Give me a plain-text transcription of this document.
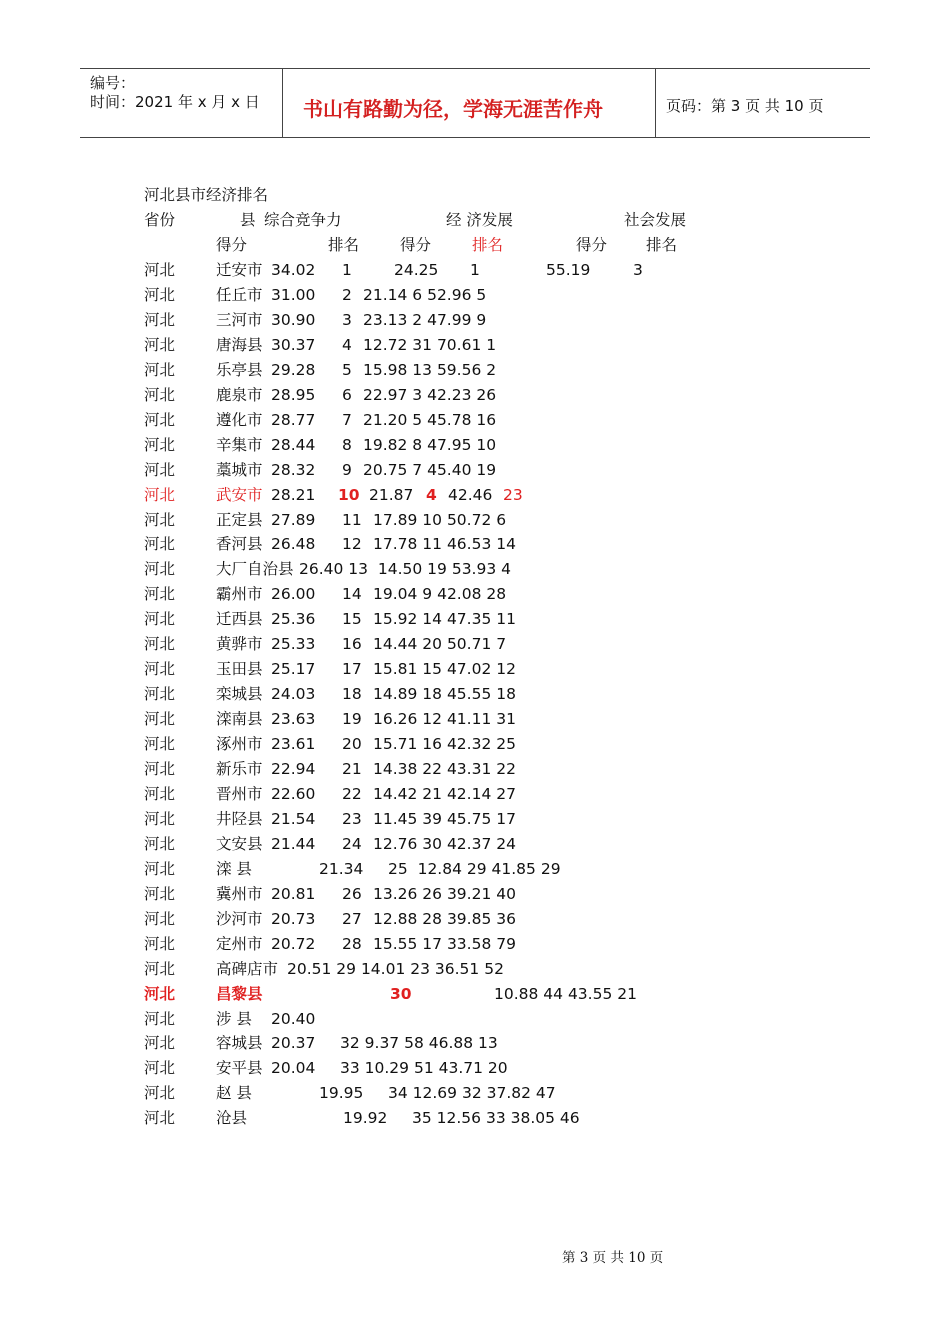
编号：
时间：2021 年 x 月 x 日 书山有路勤为径，学海无涯苦作舟	页码：第 3 页 共 10 页
河北县市经济排名
省份	县 综合竞争力	经 济发展	社会发展
得分	排名	得分	排名	得分	排名
河北	迁安市 34.02 1	24.25 1	55.19	3
河北	任丘市 31.00 2 21.14 6 52.96 5
河北	三河市 30.90 3 23.13 2 47.99 9
河北	唐海县 30.37 4 12.72 31 70.61 1
河北	乐亭县 29.28 5 15.98 13 59.56 2
河北	鹿泉市 28.95 6 22.97 3 42.23 26
河北	遵化市 28.77 7 21.20 5 45.78 16
河北	辛集市 28.44 8 19.82 8 47.95 10
河北	藁城市 28.32 9 20.75 7 45.40 19
河北	武安市 28.21 10 21.87 4 42.46 23
河北	正定县 27.89 11 17.89 10 50.72 6
河北	香河县 26.48 12 17.78 11 46.53 14
河北	大厂自治县 26.40 13  14.50 19 53.93 4
河北	霸州市 26.00 14 19.04 9 42.08 28
河北	迁西县 25.36 15 15.92 14 47.35 11
河北	黄骅市 25.33 16 14.44 20 50.71 7
河北	玉田县 25.17 17 15.81 15 47.02 12
河北	栾城县 24.03 18 14.89 18 45.55 18
河北	滦南县 23.63 19 16.26 12 41.11 31
河北	涿州市 23.61 20 15.71 16 42.32 25
河北	新乐市 22.94 21 14.38 22 43.31 22
河北	晋州市 22.60 22 14.42 21 42.14 27
河北	井陉县 21.54 23 11.45 39 45.75 17
河北	文安县 21.44 24 12.76 30 42.37 24
河北	滦 县	21.34     25  12.84 29 41.85 29
河北	冀州市 20.81 26 13.26 26 39.21 40
河北	沙河市 20.73 27 12.88 28 39.85 36
河北	定州市 20.72 28 15.55 17 33.58 79
河北	高碑店市 20.51 29 14.01 23 36.51 52
河北	昌黎县	30	10.88 44 43.55 21
河北	涉 县 20.40
河北	容城县 20.37     32 9.37 58 46.88 13
河北	安平县 20.04     33 10.29 51 43.71 20
河北	赵 县	19.95     34 12.69 32 37.82 47
河北	沧县	19.92     35 12.56 33 38.05 46
第 3 页 共 10 页
